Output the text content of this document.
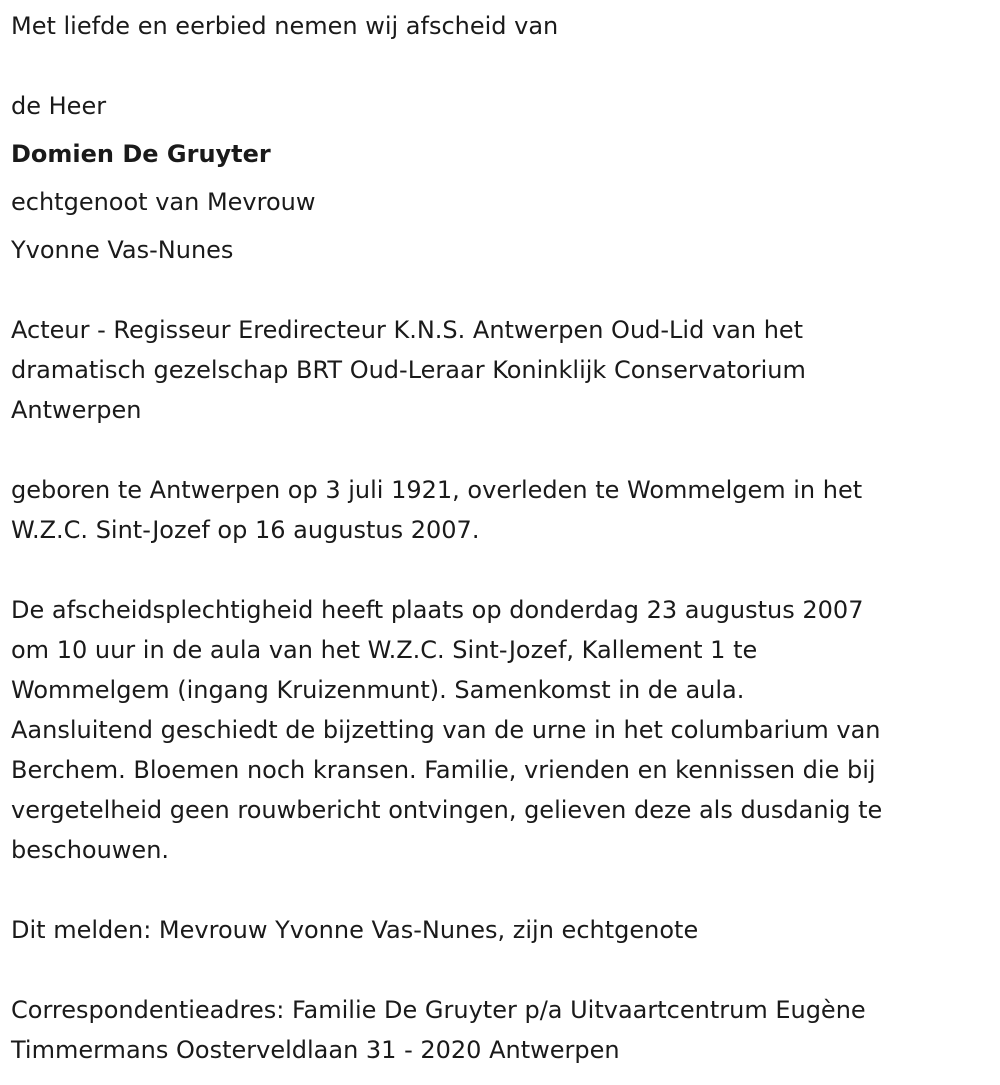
Met liefde en eerbied nemen wij afscheid van

de Heer

Domien De Gruyter

echtgenoot van Mevrouw

Yvonne Vas-Nunes

Acteur - Regisseur Eredirecteur K.N.S. Antwerpen Oud-Lid van het

dramatisch gezelschap BRT Oud-Leraar Koninklijk Conservatorium

Antwerpen

geboren te Antwerpen op 3 juli 1921, overleden te Wommelgem in het

W.Z.C. Sint-Jozef op 16 augustus 2007.

De afscheidsplechtigheid heeft plaats op donderdag 23 augustus 2007

om 10 uur in de aula van het W.Z.C. Sint-Jozef, Kallement 1 te

Wommelgem (ingang Kruizenmunt). Samenkomst in de aula.

Aansluitend geschiedt de bijzetting van de urne in het columbarium van

Berchem. Bloemen noch kransen. Familie, vrienden en kennissen die bij

vergetelheid geen rouwbericht ontvingen, gelieven deze als dusdanig te

beschouwen.

Dit melden: Mevrouw Yvonne Vas-Nunes, zijn echtgenote

Correspondentieadres: Familie De Gruyter p/a Uitvaartcentrum Eugène

Timmermans Oosterveldlaan 31 - 2020 Antwerpen
